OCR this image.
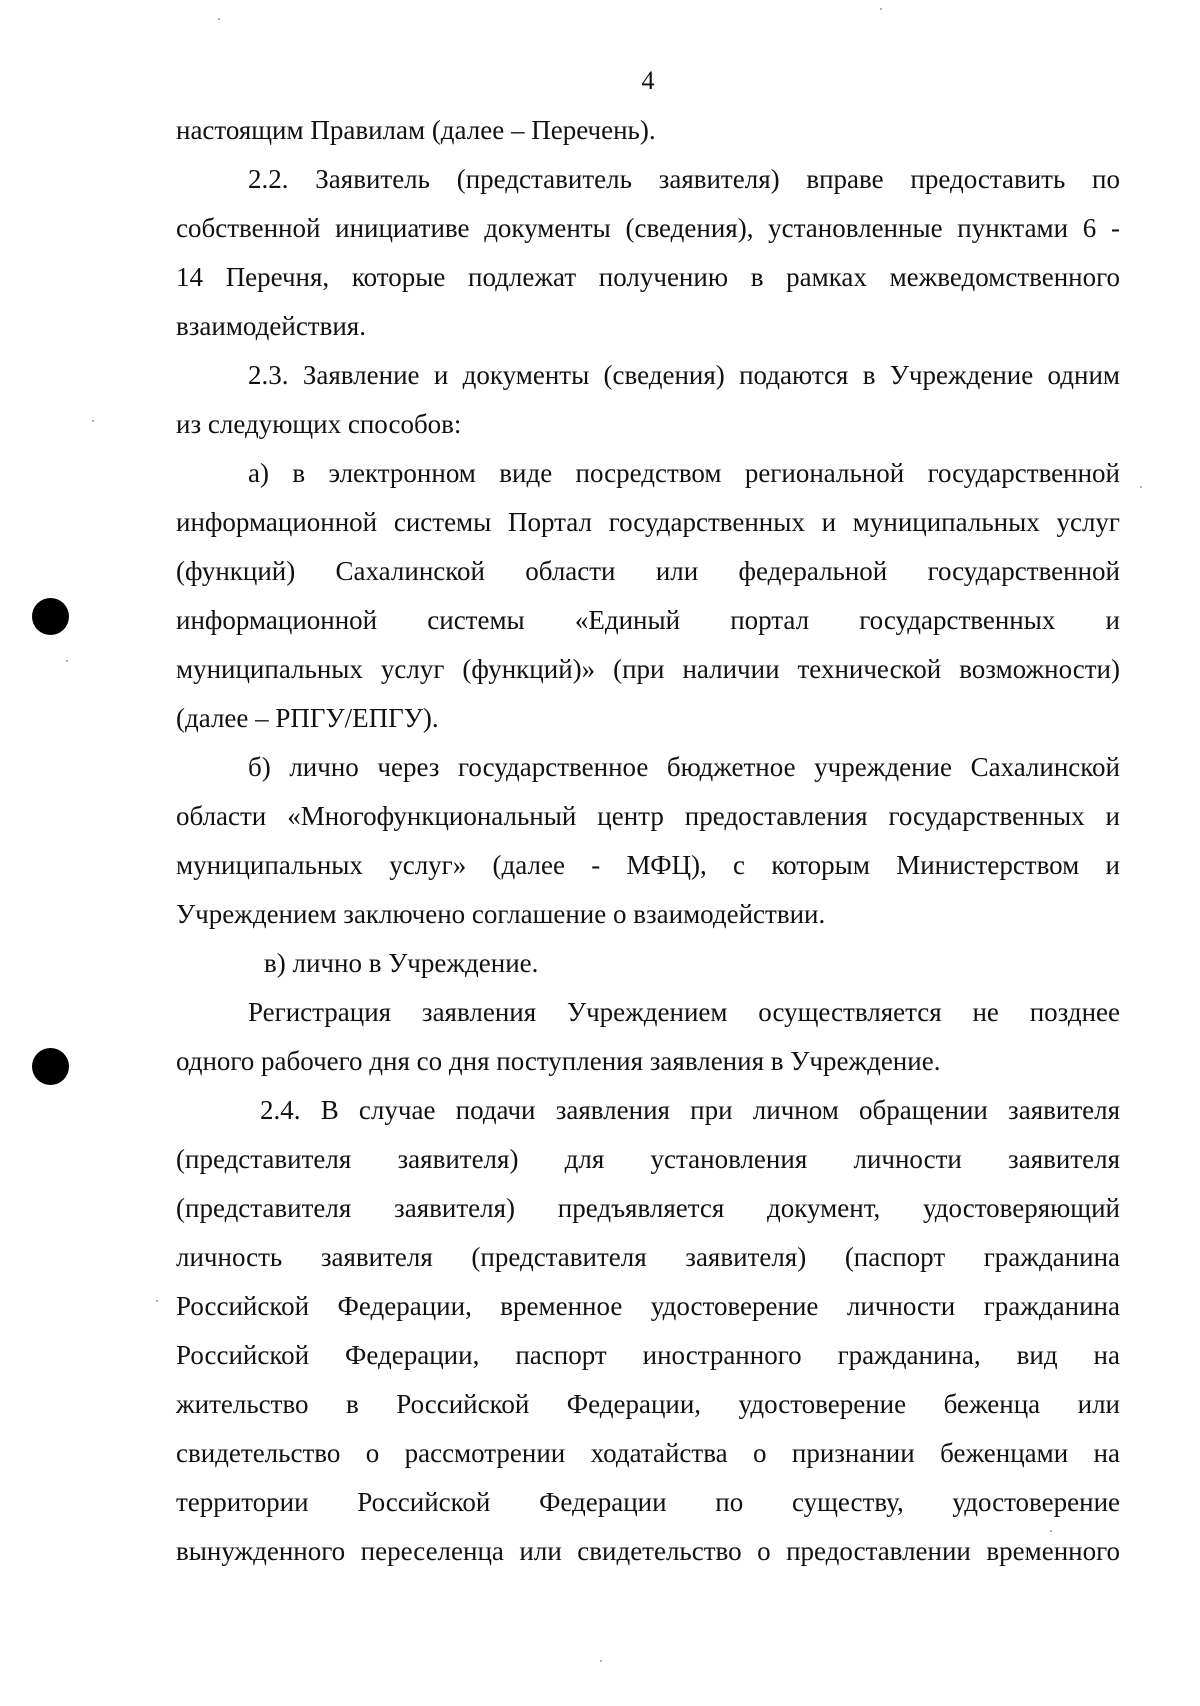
4
настоящим Правилам (далее – Перечень).
2.2. Заявитель (представитель заявителя) вправе предоставить по
собственной инициативе документы (сведения), установленные пунктами 6 -
14 Перечня, которые подлежат получению в рамках межведомственного
взаимодействия.
2.3. Заявление и документы (сведения) подаются в Учреждение одним
из следующих способов:
а) в электронном виде посредством региональной государственной
информационной системы Портал государственных и муниципальных услуг
(функций) Сахалинской области или федеральной государственной
информационной системы «Единый портал государственных и
муниципальных услуг (функций)» (при наличии технической возможности)
(далее – РПГУ/ЕПГУ).
б) лично через государственное бюджетное учреждение Сахалинской
области «Многофункциональный центр предоставления государственных и
муниципальных услуг» (далее - МФЦ), с которым Министерством и
Учреждением заключено соглашение о взаимодействии.
в) лично в Учреждение.
Регистрация заявления Учреждением осуществляется не позднее
одного рабочего дня со дня поступления заявления в Учреждение.
2.4. В случае подачи заявления при личном обращении заявителя
(представителя заявителя) для установления личности заявителя
(представителя заявителя) предъявляется документ, удостоверяющий
личность заявителя (представителя заявителя) (паспорт гражданина
Российской Федерации, временное удостоверение личности гражданина
Российской Федерации, паспорт иностранного гражданина, вид на
жительство в Российской Федерации, удостоверение беженца или
свидетельство о рассмотрении ходатайства о признании беженцами на
территории Российской Федерации по существу, удостоверение
вынужденного переселенца или свидетельство о предоставлении временного
